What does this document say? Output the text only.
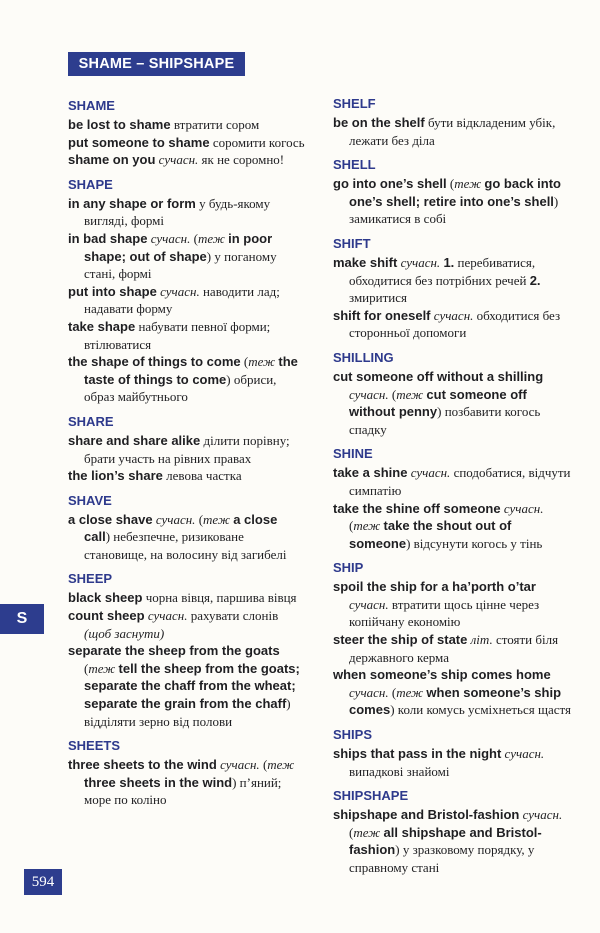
SHAME – SHIPSHAPE
SHAME
be lost to shame втратити сором
put someone to shame соромити когось
shame on you сучасн. як не соромно!
SHAPE
in any shape or form у будь-якому вигляді, формі
in bad shape сучасн. (теж in poor shape; out of shape) у поганому стані, формі
put into shape сучасн. наводити лад; надавати форму
take shape набувати певної форми; втілюватися
the shape of things to come (теж the taste of things to come) обриси, образ майбутнього
SHARE
share and share alike ділити порівну; брати участь на рівних правах
the lion’s share левова частка
SHAVE
a close shave сучасн. (теж a close call) небезпечне, ризиковане становище, на волосину від загибелі
SHEEP
black sheep чорна вівця, паршива вівця
count sheep сучасн. рахувати слонів (щоб заснути)
separate the sheep from the goats (теж tell the sheep from the goats; separate the chaff from the wheat; separate the grain from the chaff) відділяти зерно від полови
SHEETS
three sheets to the wind сучасн. (теж three sheets in the wind) п’яний; море по коліно
SHELF
be on the shelf бути відкладеним убік, лежати без діла
SHELL
go into one’s shell (теж go back into one’s shell; retire into one’s shell) замикатися в собі
SHIFT
make shift сучасн. 1. перебиватися, обходитися без потрібних речей 2. змиритися
shift for oneself сучасн. обходитися без сторонньої допомоги
SHILLING
cut someone off without a shilling сучасн. (теж cut someone off without penny) позбавити когось спадку
SHINE
take a shine сучасн. сподобатися, відчути симпатію
take the shine off someone сучасн. (теж take the shout out of someone) відсунути когось у тінь
SHIP
spoil the ship for a ha’porth o’tar сучасн. втратити щось цінне через копійчану економію
steer the ship of state літ. стояти біля державного керма
when someone’s ship comes home сучасн. (теж when someone’s ship comes) коли комусь усміхнеться щастя
SHIPS
ships that pass in the night сучасн. випадкові знайомі
SHIPSHAPE
shipshape and Bristol-fashion сучасн. (теж all shipshape and Bristol-fashion) у зразковому порядку, у справному стані
S
594
